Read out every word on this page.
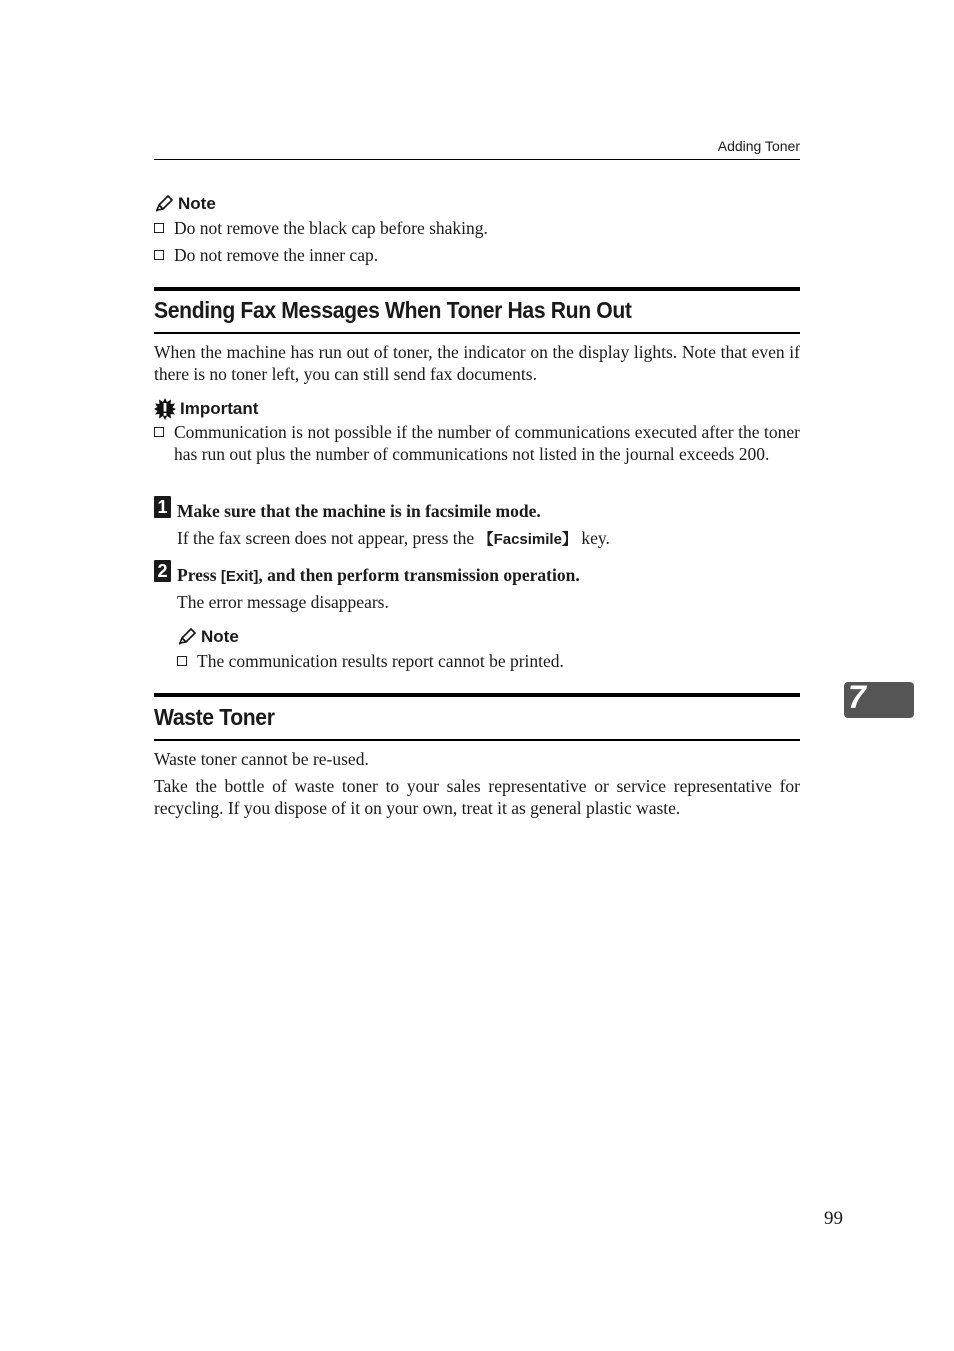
Adding Toner
Note
Do not remove the black cap before shaking.
Do not remove the inner cap.
Sending Fax Messages When Toner Has Run Out
When the machine has run out of toner, the indicator on the display lights. Note that even if there is no toner left, you can still send fax documents.
Important
Communication is not possible if the number of communications executed after the toner has run out plus the number of communications not listed in the journal exceeds 200.
1 Make sure that the machine is in facsimile mode.
If the fax screen does not appear, press the 【Facsimile】 key.
2 Press [Exit], and then perform transmission operation.
The error message disappears.
Note
The communication results report cannot be printed.
Waste Toner
Waste toner cannot be re-used.
Take the bottle of waste toner to your sales representative or service representative for recycling. If you dispose of it on your own, treat it as general plastic waste.
7
99
